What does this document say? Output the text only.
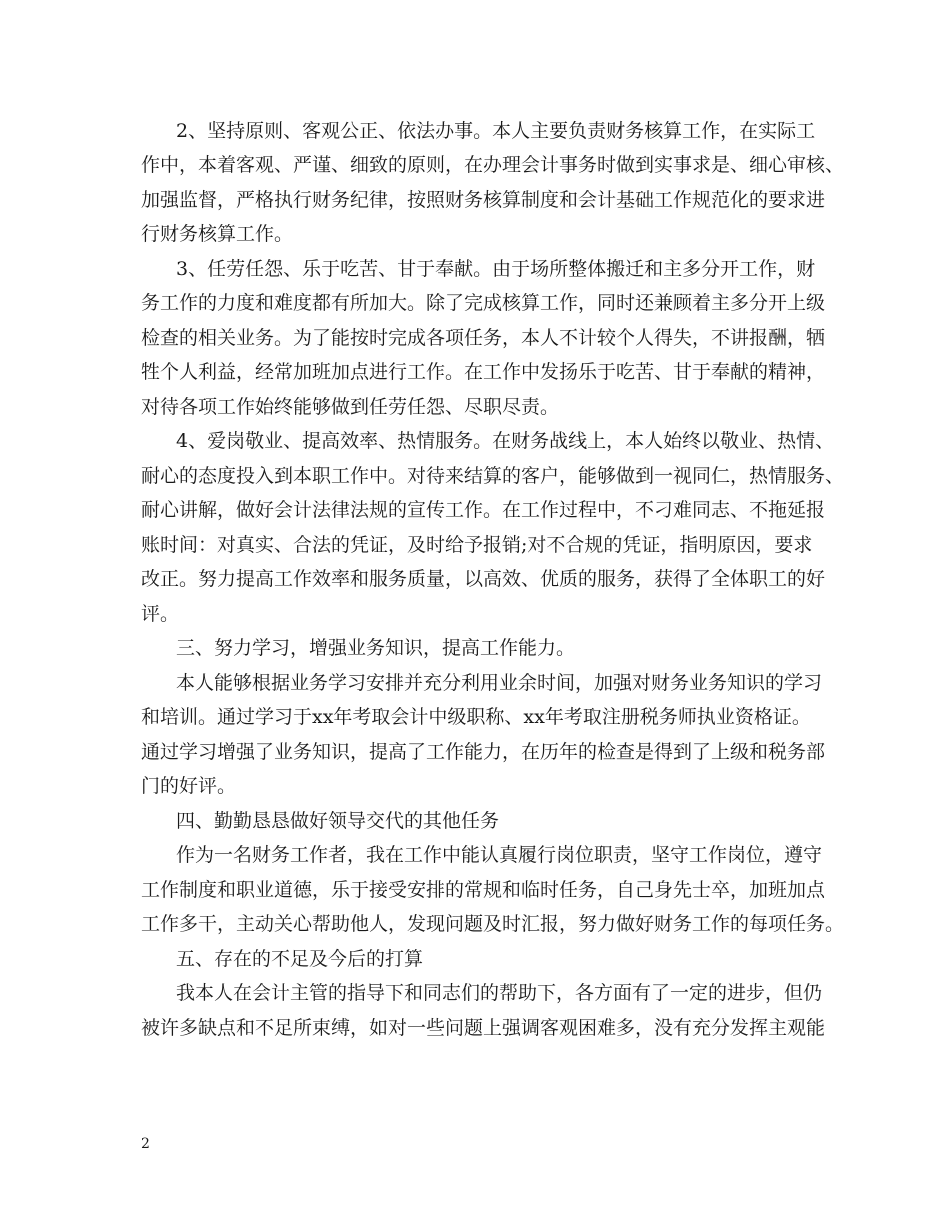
2、坚持原则、客观公正、依法办事。本人主要负责财务核算工作，在实际工
作中，本着客观、严谨、细致的原则，在办理会计事务时做到实事求是、细心审核、
加强监督，严格执行财务纪律，按照财务核算制度和会计基础工作规范化的要求进
行财务核算工作。
3、任劳任怨、乐于吃苦、甘于奉献。由于场所整体搬迁和主多分开工作，财
务工作的力度和难度都有所加大。除了完成核算工作，同时还兼顾着主多分开上级
检查的相关业务。为了能按时完成各项任务，本人不计较个人得失，不讲报酬，牺
牲个人利益，经常加班加点进行工作。在工作中发扬乐于吃苦、甘于奉献的精神，
对待各项工作始终能够做到任劳任怨、尽职尽责。
4、爱岗敬业、提高效率、热情服务。在财务战线上，本人始终以敬业、热情、
耐心的态度投入到本职工作中。对待来结算的客户，能够做到一视同仁，热情服务、
耐心讲解，做好会计法律法规的宣传工作。在工作过程中，不刁难同志、不拖延报
账时间：对真实、合法的凭证，及时给予报销;对不合规的凭证，指明原因，要求
改正。努力提高工作效率和服务质量，以高效、优质的服务，获得了全体职工的好
评。
三、努力学习，增强业务知识，提高工作能力。
本人能够根据业务学习安排并充分利用业余时间，加强对财务业务知识的学习
和培训。通过学习于xx年考取会计中级职称、xx年考取注册税务师执业资格证。
通过学习增强了业务知识，提高了工作能力，在历年的检查是得到了上级和税务部
门的好评。
四、勤勤恳恳做好领导交代的其他任务
作为一名财务工作者，我在工作中能认真履行岗位职责，坚守工作岗位，遵守
工作制度和职业道德，乐于接受安排的常规和临时任务，自己身先士卒，加班加点
工作多干，主动关心帮助他人，发现问题及时汇报，努力做好财务工作的每项任务。
五、存在的不足及今后的打算
我本人在会计主管的指导下和同志们的帮助下，各方面有了一定的进步，但仍
被许多缺点和不足所束缚，如对一些问题上强调客观困难多，没有充分发挥主观能
2
